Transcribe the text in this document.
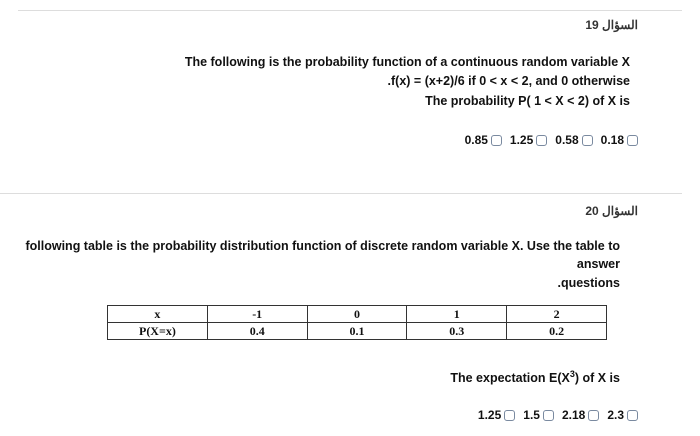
السؤال 19
The following is the probability function of a continuous random variable X
.f(x) = (x+2)/6 if 0 < x < 2, and 0 otherwise
The probability P( 1 < X < 2) of X is
0.85 1.25 0.58 0.18
السؤال 20
following table is the probability distribution function of discrete random variable X. Use the table to
answer
.questions
x	-1	0	1	2
P(X=x)	0.4	0.1	0.3	0.2
The expectation $E(X^3)$ of X is
1.25 1.5 2.18 2.3
